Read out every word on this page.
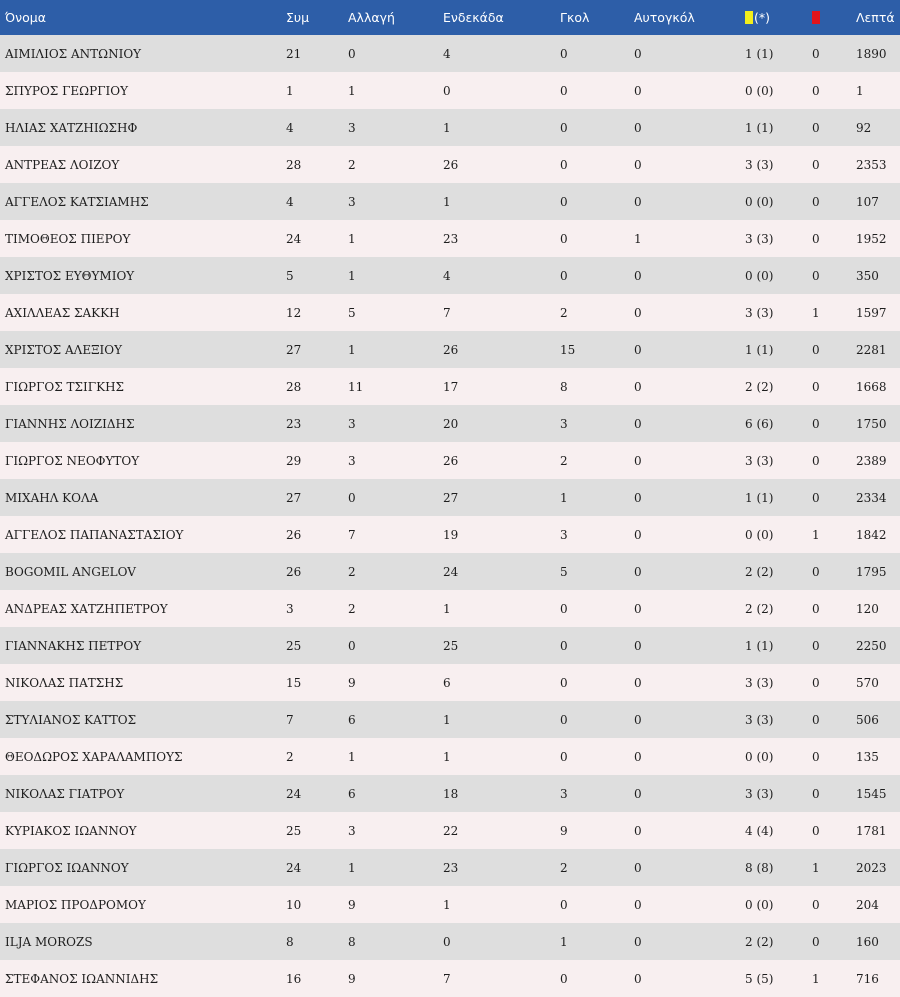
Όνομα	Συμ	Αλλαγή	Ενδεκάδα	Γκολ	Αυτογκόλ	(*)		Λεπτά
ΑΙΜΙΛΙΟΣ ΑΝΤΩΝΙΟΥ	21	0	4	0	0	1 (1)	0	1890
ΣΠΥΡΟΣ ΓΕΩΡΓΙΟΥ	1	1	0	0	0	0 (0)	0	1
ΗΛΙΑΣ ΧΑΤΖΗΙΩΣΗΦ	4	3	1	0	0	1 (1)	0	92
ΑΝΤΡΕΑΣ ΛΟΙΖΟΥ	28	2	26	0	0	3 (3)	0	2353
ΑΓΓΕΛΟΣ ΚΑΤΣΙΑΜΗΣ	4	3	1	0	0	0 (0)	0	107
ΤΙΜΟΘΕΟΣ ΠΙΕΡΟΥ	24	1	23	0	1	3 (3)	0	1952
ΧΡΙΣΤΟΣ ΕΥΘΥΜΙΟΥ	5	1	4	0	0	0 (0)	0	350
ΑΧΙΛΛΕΑΣ ΣΑΚΚΗ	12	5	7	2	0	3 (3)	1	1597
ΧΡΙΣΤΟΣ ΑΛΕΞΙΟΥ	27	1	26	15	0	1 (1)	0	2281
ΓΙΩΡΓΟΣ ΤΣΙΓΚΗΣ	28	11	17	8	0	2 (2)	0	1668
ΓΙΑΝΝΗΣ ΛΟΙΖΙΔΗΣ	23	3	20	3	0	6 (6)	0	1750
ΓΙΩΡΓΟΣ ΝΕΟΦΥΤΟΥ	29	3	26	2	0	3 (3)	0	2389
ΜΙΧΑΗΛ ΚΟΛΑ	27	0	27	1	0	1 (1)	0	2334
ΑΓΓΕΛΟΣ ΠΑΠΑΝΑΣΤΑΣΙΟΥ	26	7	19	3	0	0 (0)	1	1842
BOGOMIL ANGELOV	26	2	24	5	0	2 (2)	0	1795
ΑΝΔΡΕΑΣ ΧΑΤΖΗΠΕΤΡΟΥ	3	2	1	0	0	2 (2)	0	120
ΓΙΑΝΝΑΚΗΣ ΠΕΤΡΟΥ	25	0	25	0	0	1 (1)	0	2250
ΝΙΚΟΛΑΣ ΠΑΤΣΗΣ	15	9	6	0	0	3 (3)	0	570
ΣΤΥΛΙΑΝΟΣ ΚΑΤΤΟΣ	7	6	1	0	0	3 (3)	0	506
ΘΕΟΔΩΡΟΣ ΧΑΡΑΛΑΜΠΟΥΣ	2	1	1	0	0	0 (0)	0	135
ΝΙΚΟΛΑΣ ΓΙΑΤΡΟΥ	24	6	18	3	0	3 (3)	0	1545
ΚΥΡΙΑΚΟΣ ΙΩΑΝΝΟΥ	25	3	22	9	0	4 (4)	0	1781
ΓΙΩΡΓΟΣ ΙΩΑΝΝΟΥ	24	1	23	2	0	8 (8)	1	2023
ΜΑΡΙΟΣ ΠΡΟΔΡΟΜΟΥ	10	9	1	0	0	0 (0)	0	204
ILJA MOROZS	8	8	0	1	0	2 (2)	0	160
ΣΤΕΦΑΝΟΣ ΙΩΑΝΝΙΔΗΣ	16	9	7	0	0	5 (5)	1	716
